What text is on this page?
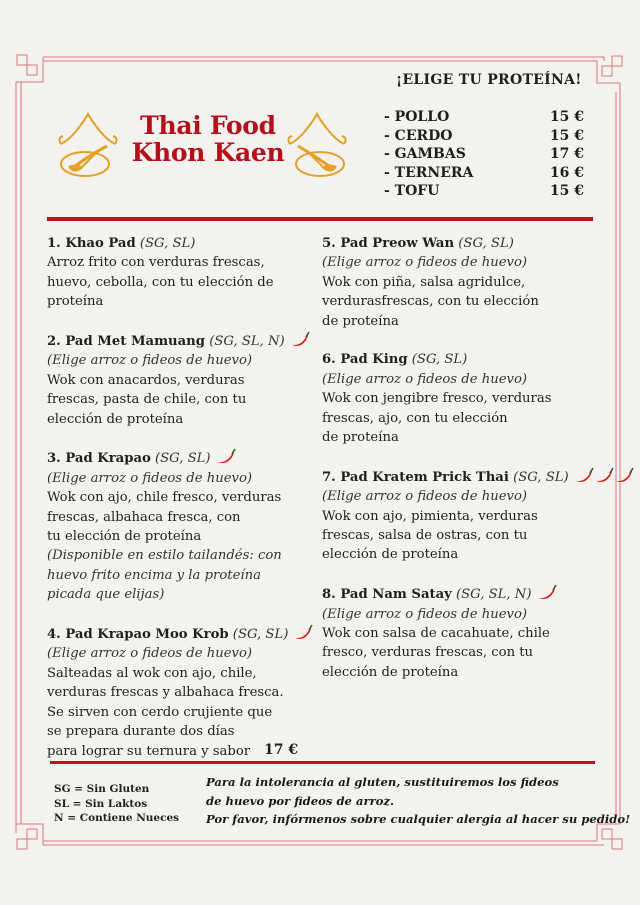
Thai Food
Khon Kaen
¡ELIGE TU PROTEÍNA!
- POLLO	15 €
- CERDO	15 €
- GAMBAS	17 €
- TERNERA	16 €
- TOFU	15 €
1. Khao Pad (SG, SL)
Arroz frito con verduras frescas,
huevo, cebolla, con tu elección de
proteína
2. Pad Met Mamuang (SG, SL, N)
(Elige arroz o fideos de huevo)
Wok con anacardos, verduras
frescas, pasta de chile, con tu
elección de proteína
3. Pad Krapao (SG, SL)
(Elige arroz o fideos de huevo)
Wok con ajo, chile fresco, verduras
frescas, albahaca fresca, con
tu elección de proteína
(Disponible en estilo tailandés: con
huevo frito encima y la proteína
picada que elijas)
4. Pad Krapao Moo Krob (SG, SL)
(Elige arroz o fideos de huevo)
Salteadas al wok con ajo, chile,
verduras frescas y albahaca fresca.
Se sirven con cerdo crujiente que
se prepara durante dos días
para lograr su ternura y sabor 17 €
5. Pad Preow Wan (SG, SL)
(Elige arroz o fideos de huevo)
Wok con piña, salsa agridulce,
verdurasfrescas, con tu elección
de proteína
6. Pad King (SG, SL)
(Elige arroz o fideos de huevo)
Wok con jengibre fresco, verduras
frescas, ajo, con tu elección
de proteína
7. Pad Kratem Prick Thai (SG, SL)
(Elige arroz o fideos de huevo)
Wok con ajo, pimienta, verduras
frescas, salsa de ostras, con tu
elección de proteína
8. Pad Nam Satay (SG, SL, N)
(Elige arroz o fideos de huevo)
Wok con salsa de cacahuate, chile
fresco, verduras frescas, con tu
elección de proteína
SG = Sin Gluten
SL = Sin Laktos
N = Contiene Nueces
Para la intolerancia al gluten, sustituiremos los fideos
de huevo por fideos de arroz.
Por favor, infórmenos sobre cualquier alergia al hacer su pedido!
